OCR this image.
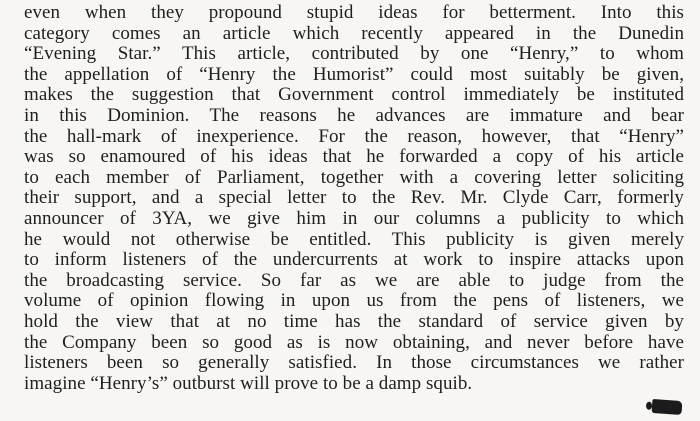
even when they propound stupid ideas for betterment. Into this
category comes an article which recently appeared in the Dunedin
“Evening Star.” This article, contributed by one “Henry,” to whom
the appellation of “Henry the Humorist” could most suitably be given,
makes the suggestion that Government control immediately be instituted
in this Dominion. The reasons he advances are immature and bear
the hall-mark of inexperience. For the reason, however, that “Henry”
was so enamoured of his ideas that he forwarded a copy of his article
to each member of Parliament, together with a covering letter soliciting
their support, and a special letter to the Rev. Mr. Clyde Carr, formerly
announcer of 3YA, we give him in our columns a publicity to which
he would not otherwise be entitled. This publicity is given merely
to inform listeners of the undercurrents at work to inspire attacks upon
the broadcasting service. So far as we are able to judge from the
volume of opinion flowing in upon us from the pens of listeners, we
hold the view that at no time has the standard of service given by
the Company been so good as is now obtaining, and never before have
listeners been so generally satisfied. In those circumstances we rather
imagine “Henry’s” outburst will prove to be a damp squib.
